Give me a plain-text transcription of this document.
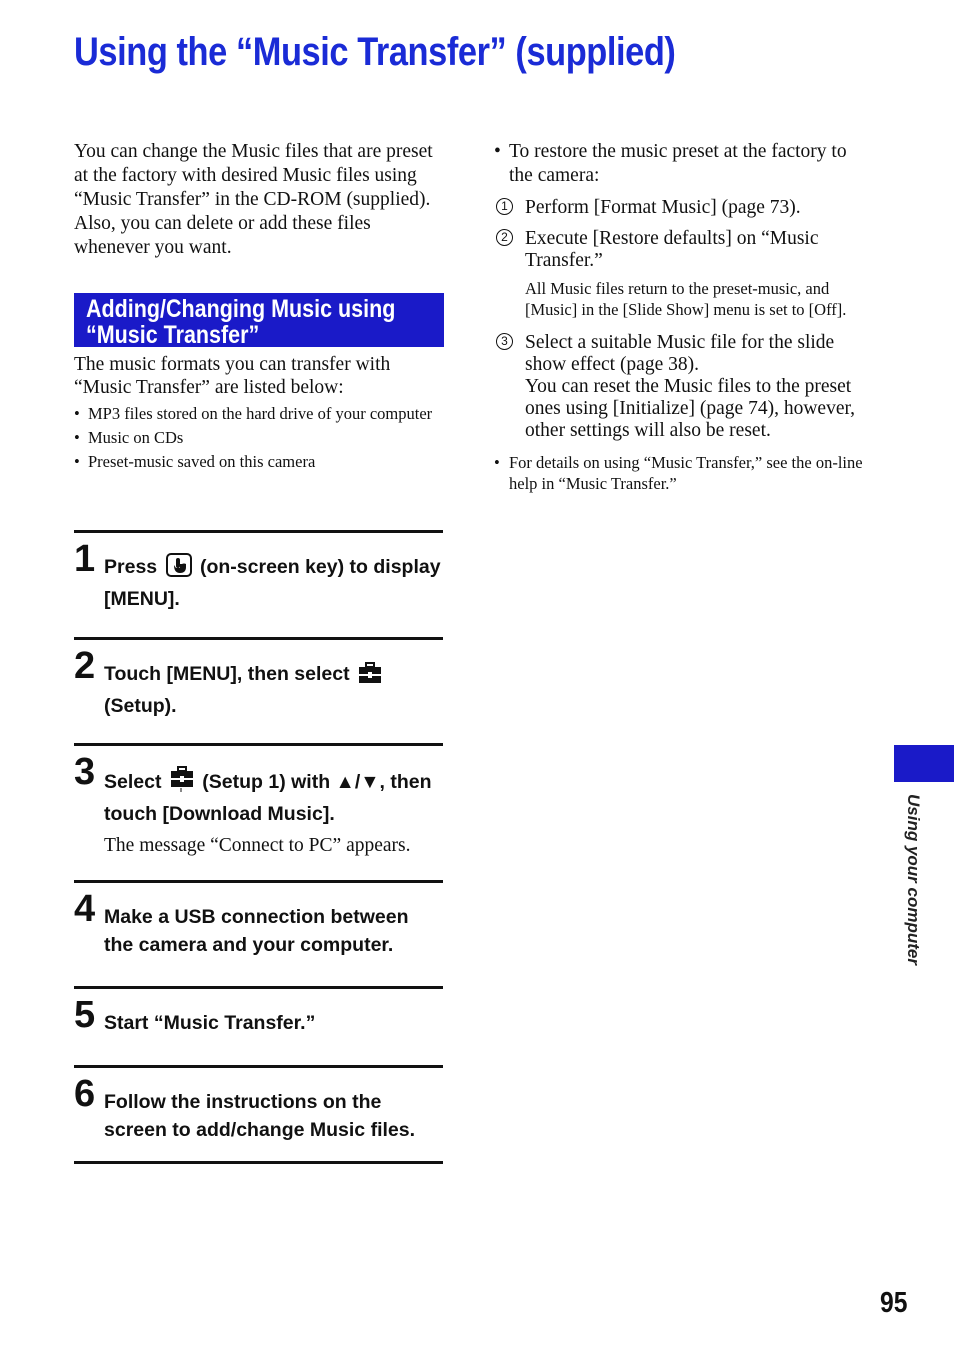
Using the “Music Transfer” (supplied)

You can change the Music files that are preset at the factory with desired Music files using “Music Transfer” in the CD-ROM (supplied). Also, you can delete or add these files whenever you want.

Adding/Changing Music using
“Music Transfer”

The music formats you can transfer with “Music Transfer” are listed below:

• MP3 files stored on the hard drive of your computer
• Music on CDs
• Preset-music saved on this camera
1 Press (on-screen key) to display [MENU].
2 Touch [MENU], then select  (Setup).
3 Select (Setup 1) with ▲/▼, then touch [Download Music].
The message “Connect to PC” appears.
4 Make a USB connection between the camera and your computer.
5 Start “Music Transfer.”
6 Follow the instructions on the screen to add/change Music files.

• To restore the music preset at the factory to the camera:

1 Perform [Format Music] (page 73).
2 Execute [Restore defaults] on “Music Transfer.”
All Music files return to the preset-music, and [Music] in the [Slide Show] menu is set to [Off].
3 Select a suitable Music file for the slide show effect (page 38).
You can reset the Music files to the preset ones using [Initialize] (page 74), however, other settings will also be reset.

• For details on using “Music Transfer,” see the on-line help in “Music Transfer.”

Using your computer
95
